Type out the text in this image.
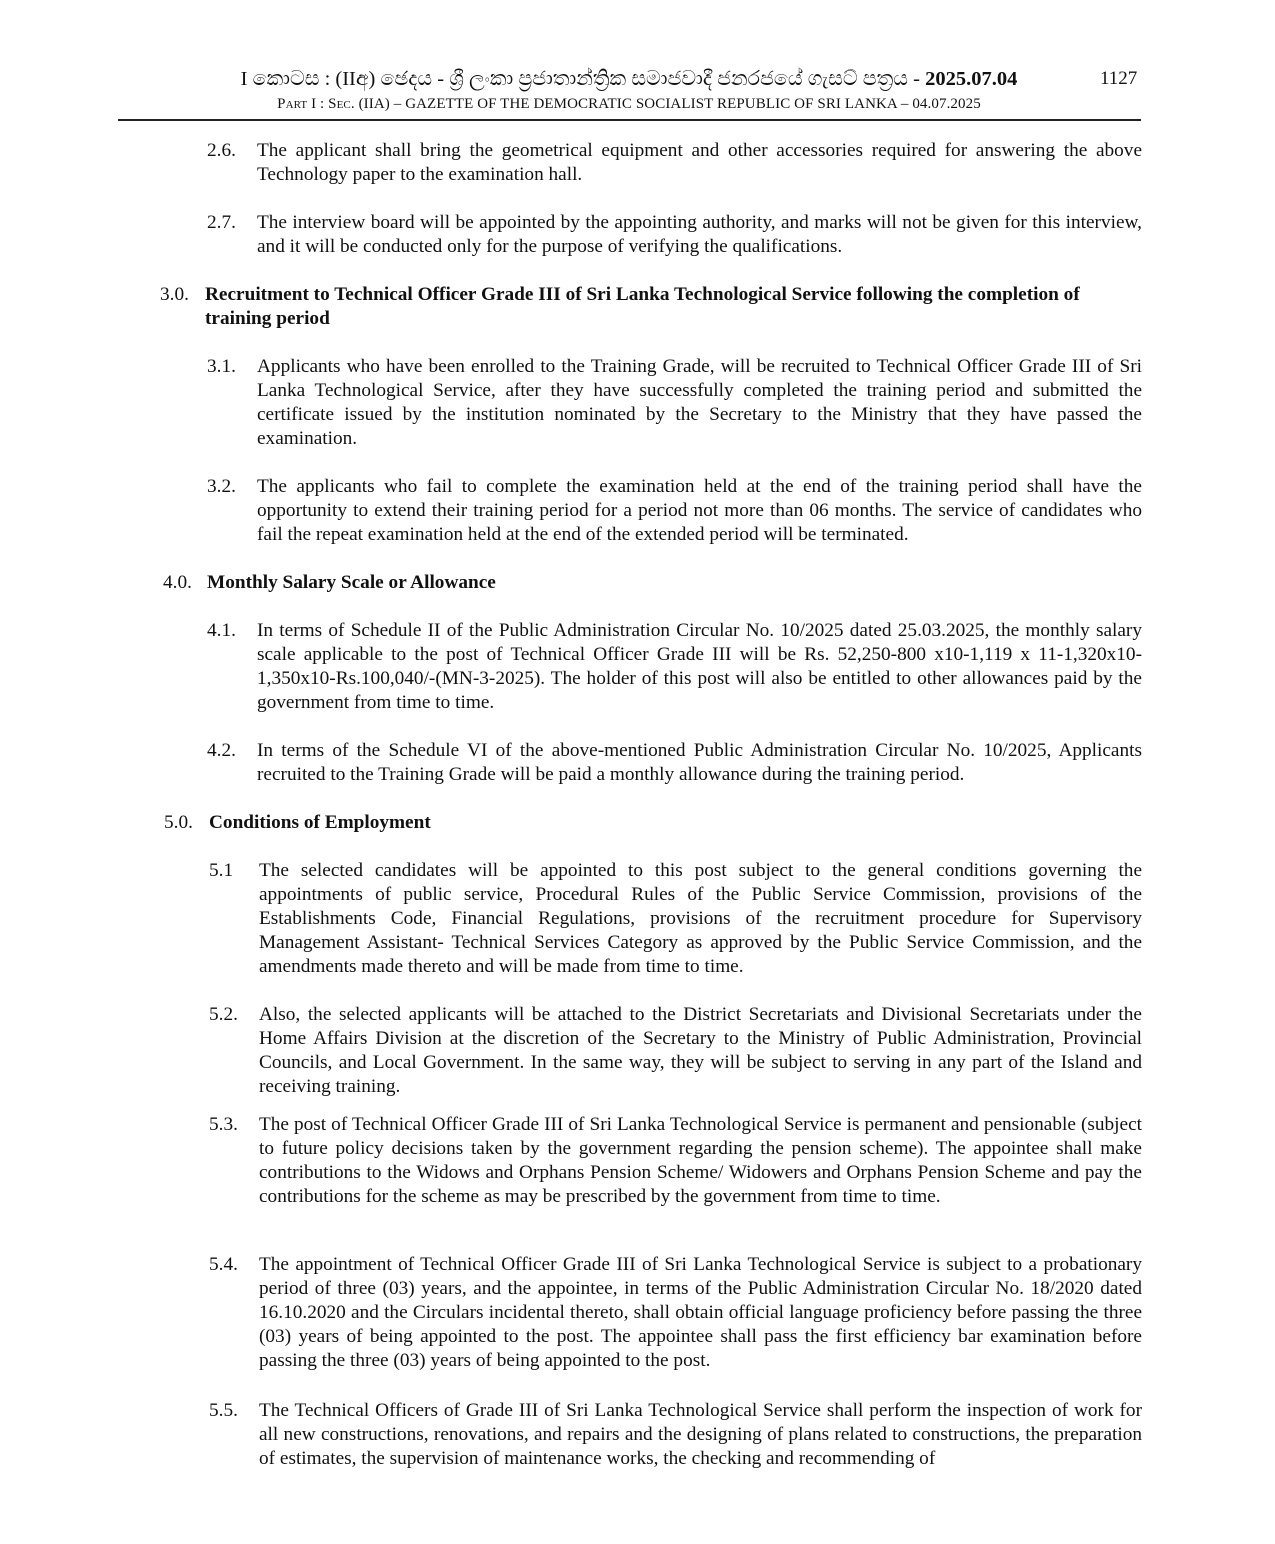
I කොටස : (IIඅ) ඡෙදය - ශ්‍රී ලංකා ප්‍රජාතාන්ත්‍රික සමාජවාදී ජනරජයේ ගැසට් පත්‍රය - 2025.07.04
Part I : Sec. (IIA) – GAZETTE OF THE DEMOCRATIC SOCIALIST REPUBLIC OF SRI LANKA – 04.07.2025
1127
2.6. The applicant shall bring the geometrical equipment and other accessories required for answering the above Technology paper to the examination hall.
2.7. The interview board will be appointed by the appointing authority, and marks will not be given for this interview, and it will be conducted only for the purpose of verifying the qualifications.
3.0. Recruitment to Technical Officer Grade III of Sri Lanka Technological Service following the completion of training period
3.1. Applicants who have been enrolled to the Training Grade, will be recruited to Technical Officer Grade III of Sri Lanka Technological Service, after they have successfully completed the training period and submitted the certificate issued by the institution nominated by the Secretary to the Ministry that they have passed the examination.
3.2. The applicants who fail to complete the examination held at the end of the training period shall have the opportunity to extend their training period for a period not more than 06 months. The service of candidates who fail the repeat examination held at the end of the extended period will be terminated.
4.0. Monthly Salary Scale or Allowance
4.1. In terms of Schedule II of the Public Administration Circular No. 10/2025 dated 25.03.2025, the monthly salary scale applicable to the post of Technical Officer Grade III will be Rs. 52,250-800 x10-1,119 x 11-1,320x10-1,350x10-Rs.100,040/-(MN-3-2025). The holder of this post will also be entitled to other allowances paid by the government from time to time.
4.2. In terms of the Schedule VI of the above-mentioned Public Administration Circular No. 10/2025, Applicants recruited to the Training Grade will be paid a monthly allowance during the training period.
5.0. Conditions of Employment
5.1 The selected candidates will be appointed to this post subject to the general conditions governing the appointments of public service, Procedural Rules of the Public Service Commission, provisions of the Establishments Code, Financial Regulations, provisions of the recruitment procedure for Supervisory Management Assistant- Technical Services Category as approved by the Public Service Commission, and the amendments made thereto and will be made from time to time.
5.2. Also, the selected applicants will be attached to the District Secretariats and Divisional Secretariats under the Home Affairs Division at the discretion of the Secretary to the Ministry of Public Administration, Provincial Councils, and Local Government. In the same way, they will be subject to serving in any part of the Island and receiving training.
5.3. The post of Technical Officer Grade III of Sri Lanka Technological Service is permanent and pensionable (subject to future policy decisions taken by the government regarding the pension scheme). The appointee shall make contributions to the Widows and Orphans Pension Scheme/ Widowers and Orphans Pension Scheme and pay the contributions for the scheme as may be prescribed by the government from time to time.
5.4. The appointment of Technical Officer Grade III of Sri Lanka Technological Service is subject to a probationary period of three (03) years, and the appointee, in terms of the Public Administration Circular No. 18/2020 dated 16.10.2020 and the Circulars incidental thereto, shall obtain official language proficiency before passing the three (03) years of being appointed to the post. The appointee shall pass the first efficiency bar examination before passing the three (03) years of being appointed to the post.
5.5. The Technical Officers of Grade III of Sri Lanka Technological Service shall perform the inspection of work for all new constructions, renovations, and repairs and the designing of plans related to constructions, the preparation of estimates, the supervision of maintenance works, the checking and recommending of
